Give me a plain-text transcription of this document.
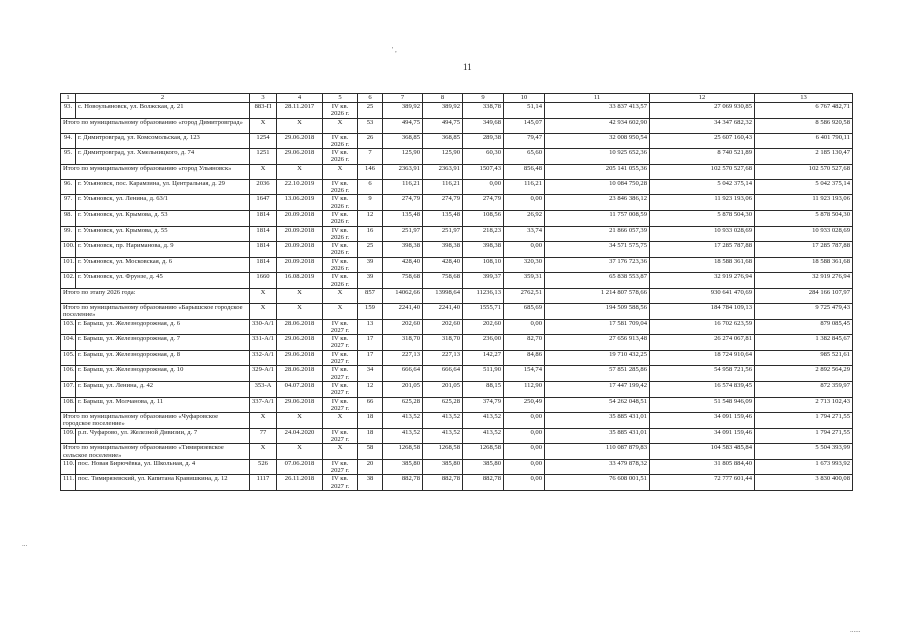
11
' ,
...
......
1	2	3	4	5	6	7	8	9	10	11	12	13
93.	с. Новоульяновск, ул. Волжская, д. 21	883-П	28.11.2017	IV кв. 2026 г.	25	389,92	389,92	338,78	51,14	33 837 413,57	27 069 930,85	6 767 482,71
Итого по муниципальному образованию «город Димитровград»		X	X	X	53	494,75	494,75	349,68	145,07	42 934 602,90	34 347 682,32	8 586 920,58
94.	г. Димитровград, ул. Комсомольская, д. 123	1254	29.06.2018	IV кв. 2026 г.	26	368,85	368,85	289,38	79,47	32 008 950,54	25 607 160,43	6 401 790,11
95.	г. Димитровград, ул. Хмельницкого, д. 74	1251	29.06.2018	IV кв. 2026 г.	7	125,90	125,90	60,30	65,60	10 925 652,36	8 740 521,89	2 185 130,47
Итого по муниципальному образованию «город Ульяновск»		X	X	X	146	2363,91	2363,91	1507,43	856,48	205 141 055,36	102 570 527,68	102 570 527,68
96.	г. Ульяновск, пос. Карамзина, ул. Центральная, д. 29	2036	22.10.2019	IV кв. 2026 г.	6	116,21	116,21	0,00	116,21	10 084 750,28	5 042 375,14	5 042 375,14
97.	г. Ульяновск, ул. Ленина, д. 63/1	1647	13.06.2019	IV кв. 2026 г.	9	274,79	274,79	274,79	0,00	23 846 386,12	11 923 193,06	11 923 193,06
98.	г. Ульяновск, ул. Крымова, д. 53	1814	20.09.2018	IV кв. 2026 г.	12	135,48	135,48	108,56	26,92	11 757 008,59	5 878 504,30	5 878 504,30
99.	г. Ульяновск, ул. Крымова, д. 55	1814	20.09.2018	IV кв. 2026 г.	16	251,97	251,97	218,23	33,74	21 866 057,39	10 933 028,69	10 933 028,69
100.	г. Ульяновск, пр. Нариманова, д. 9	1814	20.09.2018	IV кв. 2026 г.	25	398,38	398,38	398,38	0,00	34 571 575,75	17 285 787,88	17 285 787,88
101.	г. Ульяновск, ул. Московская, д. 6	1814	20.09.2018	IV кв. 2026 г.	39	428,40	428,40	108,10	320,30	37 176 723,36	18 588 361,68	18 588 361,68
102.	г. Ульяновск, ул. Фрунзе, д. 45	1660	16.08.2019	IV кв. 2026 г.	39	758,68	758,68	399,37	359,31	65 838 553,87	32 919 276,94	32 919 276,94
Итого по этапу 2026 года:		X	X	X	857	14062,66	13998,64	11236,13	2762,51	1 214 807 578,66	930 641 470,69	284 166 107,97
Итого по муниципальному образованию «Барышское городское поселение»		X	X	X	159	2241,40	2241,40	1555,71	685,69	194 509 588,56	184 784 109,13	9 725 479,43
103.	г. Барыш, ул. Железнодорожная, д. 6	330-А/1	28.06.2018	IV кв. 2027 г.	13	202,60	202,60	202,60	0,00	17 581 709,04	16 702 623,59	879 085,45
104.	г. Барыш, ул. Железнодорожная, д. 7	331-А/1	29.06.2018	IV кв. 2027 г.	17	318,70	318,70	236,00	82,70	27 656 913,48	26 274 067,81	1 382 845,67
105.	г. Барыш, ул. Железнодорожная, д. 8	332-А/1	29.06.2018	IV кв. 2027 г.	17	227,13	227,13	142,27	84,86	19 710 432,25	18 724 910,64	985 521,61
106.	г. Барыш, ул. Железнодорожная, д. 10	329-А/1	28.06.2018	IV кв. 2027 г.	34	666,64	666,64	511,90	154,74	57 851 285,86	54 958 721,56	2 892 564,29
107.	г. Барыш, ул. Ленина, д. 42	353-А	04.07.2018	IV кв. 2027 г.	12	201,05	201,05	88,15	112,90	17 447 199,42	16 574 839,45	872 359,97
108.	г. Барыш, ул. Молчанова, д. 11	337-А/1	29.06.2018	IV кв. 2027 г.	66	625,28	625,28	374,79	250,49	54 262 048,51	51 548 946,09	2 713 102,43
Итого по муниципальному образованию «Чуфаровское городское поселение»		X	X	X	18	413,52	413,52	413,52	0,00	35 885 431,01	34 091 159,46	1 794 271,55
109.	р.п. Чуфарово, ул. Железной Дивизии, д. 7	77	24.04.2020	IV кв. 2027 г.	18	413,52	413,52	413,52	0,00	35 885 431,01	34 091 159,46	1 794 271,55
Итого по муниципальному образованию «Тимирязевское сельское поселение»		X	X	X	58	1268,58	1268,58	1268,58	0,00	110 087 879,83	104 583 485,84	5 504 393,99
110.	пос. Новая Бирючёвка, ул. Школьная, д. 4	526	07.06.2018	IV кв. 2027 г.	20	385,80	385,80	385,80	0,00	33 479 878,32	31 805 884,40	1 673 993,92
111.	пос. Тимирязевский, ул. Капитана Кравишкина, д. 12	1117	26.11.2018	IV кв. 2027 г.	38	882,78	882,78	882,78	0,00	76 608 001,51	72 777 601,44	3 830 400,08
